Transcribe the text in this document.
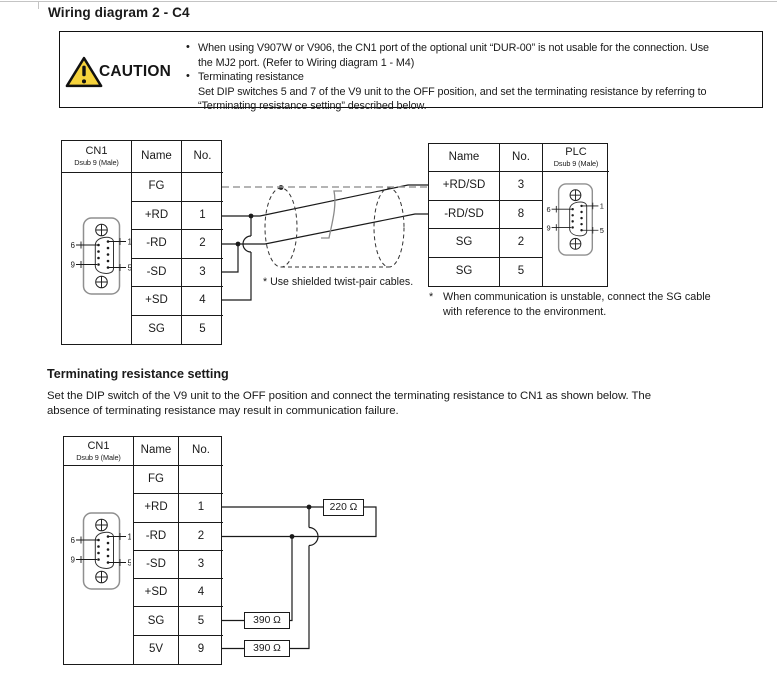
Wiring diagram 2 - C4
CAUTION
• When using V907W or V906, the CN1 port of the optional unit “DUR-00” is not usable for the connection. Use
the MJ2 port. (Refer to Wiring diagram 1 - M4)
• Terminating resistance
Set DIP switches 5 and 7 of the V9 unit to the OFF position, and set the terminating resistance by referring to
“Terminating resistance setting” described below.
CN1
Dsub 9 (Male)
Name	No.
FG
+RD	1
-RD	2
-SD	3
+SD	4
SG	5
Name	No.	PLC
Dsub 9 (Male)
+RD/SD	3
-RD/SD	8
SG	2
SG	5
* Use shielded twist-pair cables.
* When communication is unstable, connect the SG cable
with reference to the environment.
Terminating resistance setting
Set the DIP switch of the V9 unit to the OFF position and connect the terminating resistance to CN1 as shown below. The
absence of terminating resistance may result in communication failure.
CN1
Dsub 9 (Male)
Name	No.
FG
+RD	1
-RD	2
-SD	3
+SD	4
SG	5
5V	9
220 Ω
390 Ω
390 Ω
